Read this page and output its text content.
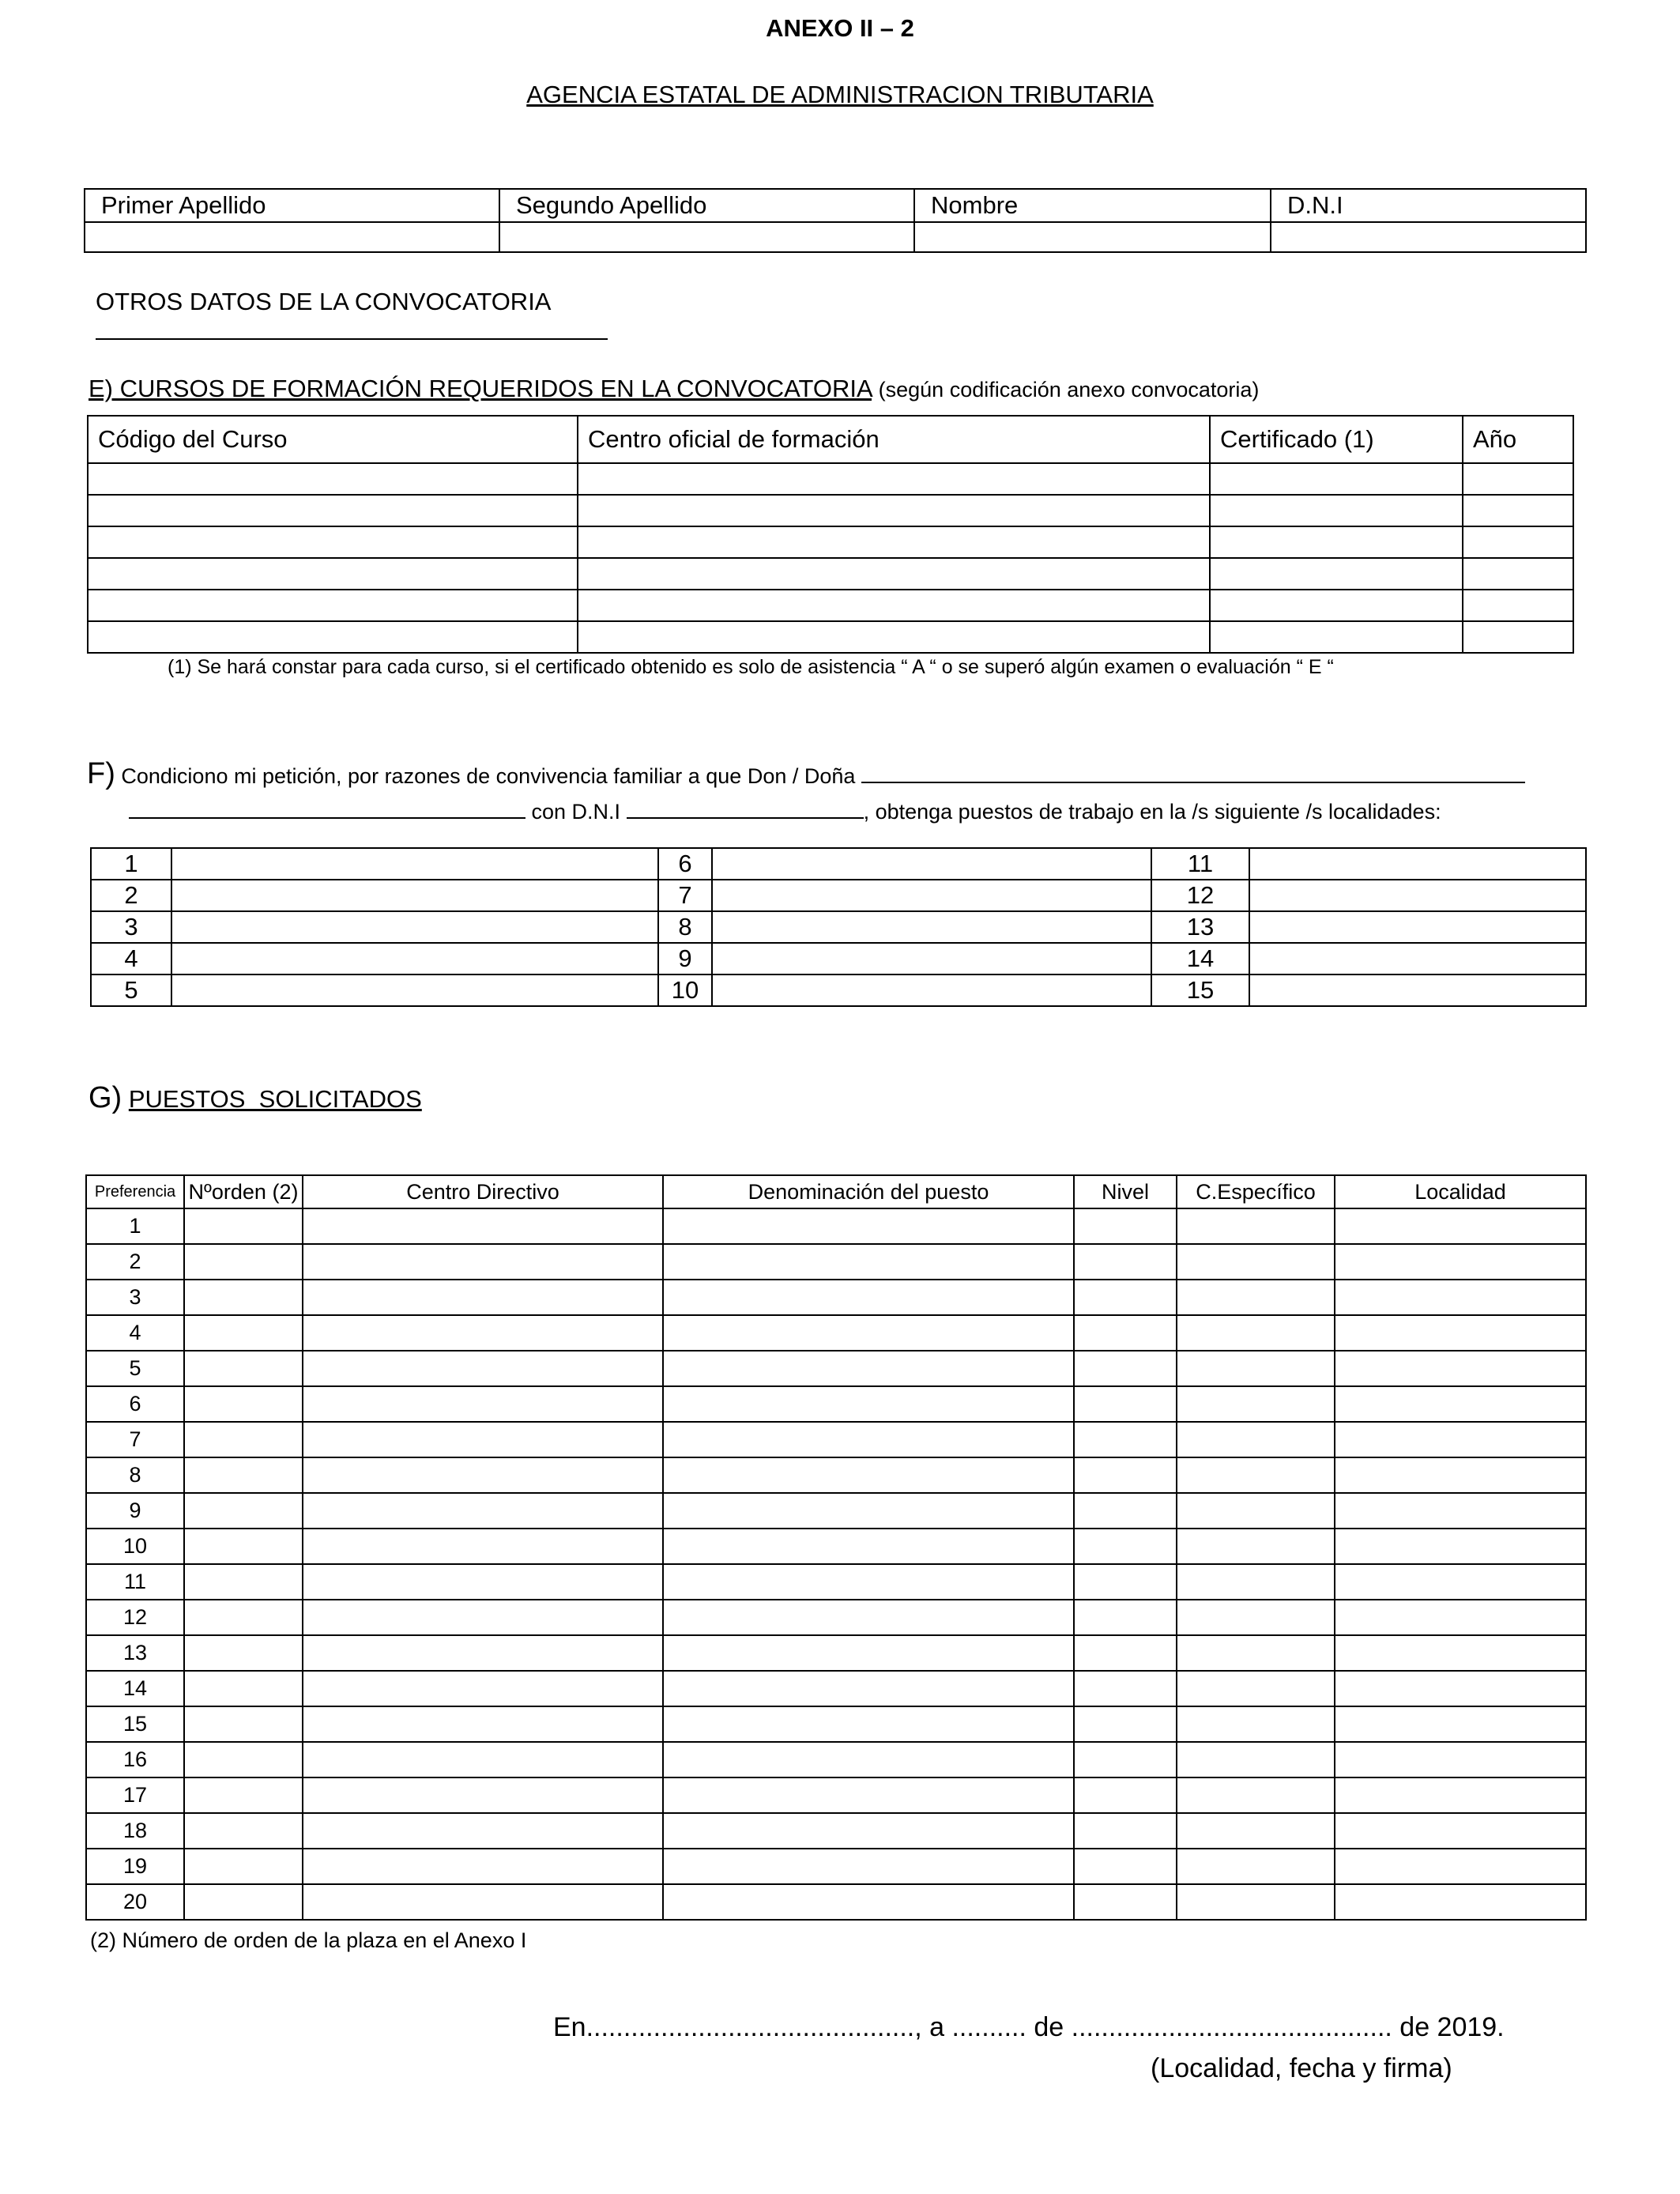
ANEXO II – 2
AGENCIA ESTATAL DE ADMINISTRACION TRIBUTARIA
Primer Apellido	Segundo Apellido	Nombre	D.N.I

OTROS DATOS DE LA CONVOCATORIA
E) CURSOS DE FORMACIÓN REQUERIDOS EN LA CONVOCATORIA (según codificación anexo convocatoria)
Código del Curso	Centro oficial de formación	Certificado (1)	Año

(1) Se hará constar para cada curso, si el certificado obtenido es solo de asistencia “ A “ o se superó algún examen o evaluación “ E “
F) Condiciono mi petición, por razones de convivencia familiar a que Don / Doña
con D.N.I	, obtenga puestos de trabajo en la /s siguiente /s localidades:
1		6		11	
2		7		12	
3		8		13	
4		9		14	
5		10		15	
G) PUESTOS  SOLICITADOS
Preferencia	Nºorden (2)	Centro Directivo	Denominación del puesto	Nivel	C.Específico	Localidad
1						
2						
3						
4						
5						
6						
7						
8						
9						
10						
11						
12						
13						
14						
15						
16						
17						
18						
19						
20						
(2) Número de orden de la plaza en el Anexo I
En............................................, a .......... de ........................................... de 2019.
(Localidad, fecha y firma)
